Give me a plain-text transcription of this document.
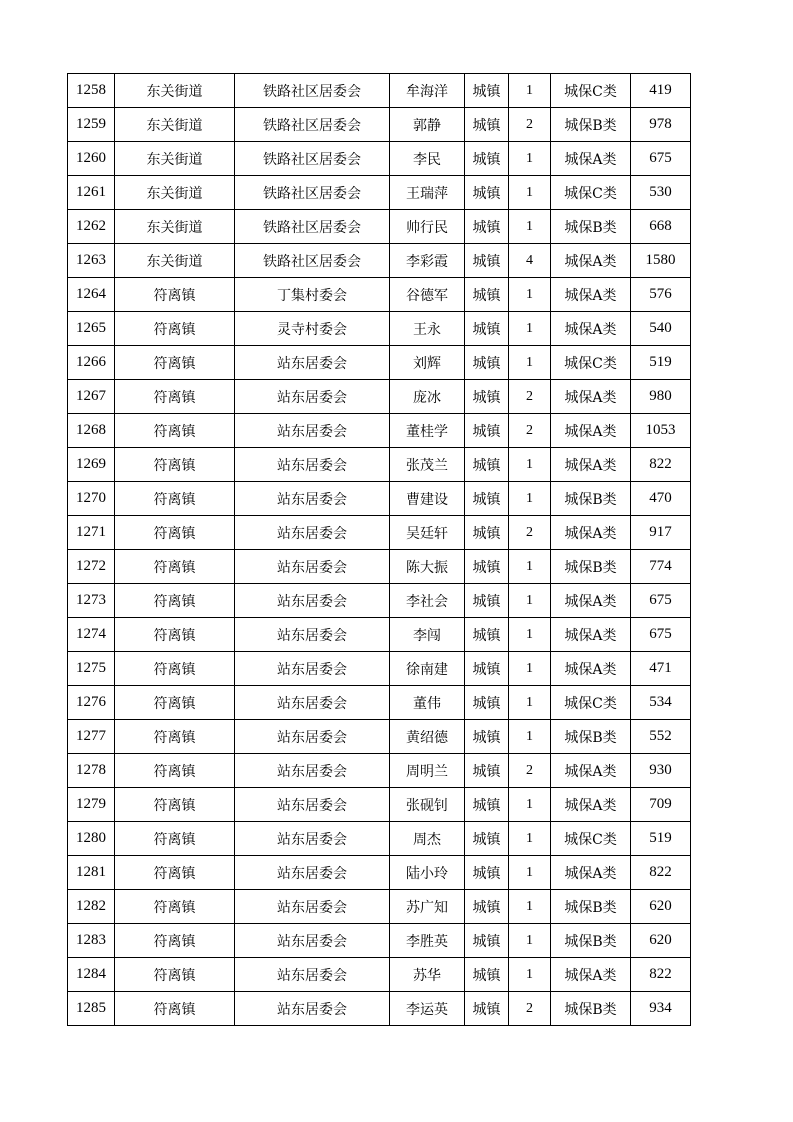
1258	东关街道	铁路社区居委会	牟海洋	城镇	1	城保C类	419
1259	东关街道	铁路社区居委会	郭静	城镇	2	城保B类	978
1260	东关街道	铁路社区居委会	李民	城镇	1	城保A类	675
1261	东关街道	铁路社区居委会	王瑞萍	城镇	1	城保C类	530
1262	东关街道	铁路社区居委会	帅行民	城镇	1	城保B类	668
1263	东关街道	铁路社区居委会	李彩霞	城镇	4	城保A类	1580
1264	符离镇	丁集村委会	谷德军	城镇	1	城保A类	576
1265	符离镇	灵寺村委会	王永	城镇	1	城保A类	540
1266	符离镇	站东居委会	刘辉	城镇	1	城保C类	519
1267	符离镇	站东居委会	庞冰	城镇	2	城保A类	980
1268	符离镇	站东居委会	董桂学	城镇	2	城保A类	1053
1269	符离镇	站东居委会	张茂兰	城镇	1	城保A类	822
1270	符离镇	站东居委会	曹建设	城镇	1	城保B类	470
1271	符离镇	站东居委会	吴廷轩	城镇	2	城保A类	917
1272	符离镇	站东居委会	陈大振	城镇	1	城保B类	774
1273	符离镇	站东居委会	李社会	城镇	1	城保A类	675
1274	符离镇	站东居委会	李闯	城镇	1	城保A类	675
1275	符离镇	站东居委会	徐南建	城镇	1	城保A类	471
1276	符离镇	站东居委会	董伟	城镇	1	城保C类	534
1277	符离镇	站东居委会	黄绍德	城镇	1	城保B类	552
1278	符离镇	站东居委会	周明兰	城镇	2	城保A类	930
1279	符离镇	站东居委会	张砚钊	城镇	1	城保A类	709
1280	符离镇	站东居委会	周杰	城镇	1	城保C类	519
1281	符离镇	站东居委会	陆小玲	城镇	1	城保A类	822
1282	符离镇	站东居委会	苏广知	城镇	1	城保B类	620
1283	符离镇	站东居委会	李胜英	城镇	1	城保B类	620
1284	符离镇	站东居委会	苏华	城镇	1	城保A类	822
1285	符离镇	站东居委会	李运英	城镇	2	城保B类	934
